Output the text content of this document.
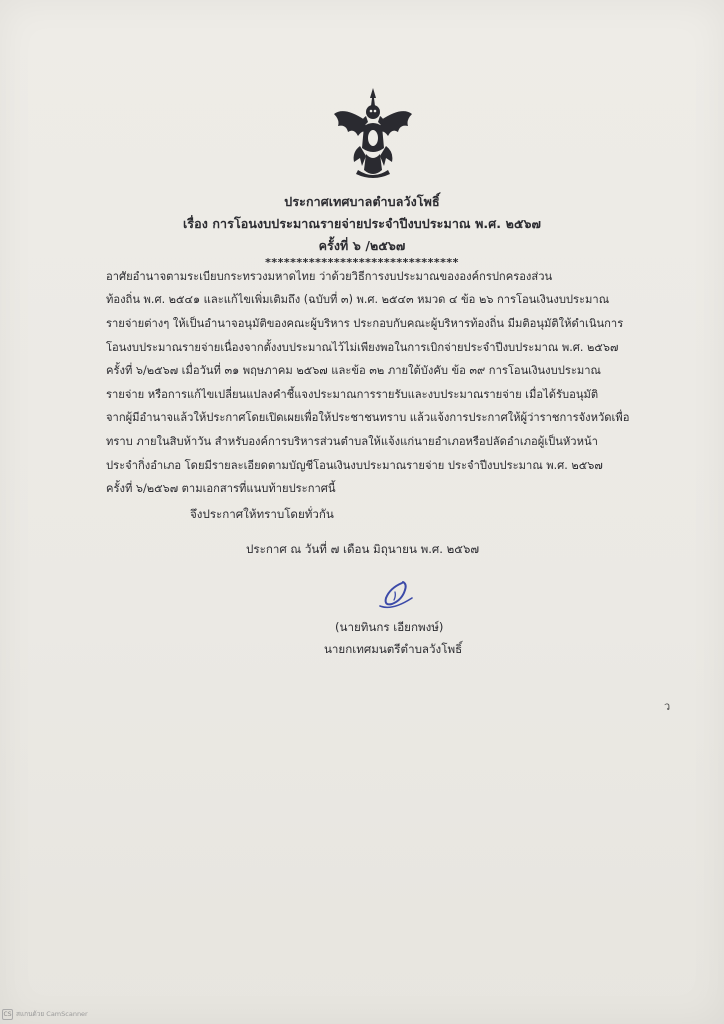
ประกาศเทศบาลตำบลวังโพธิ์
เรื่อง การโอนงบประมาณรายจ่ายประจำปีงบประมาณ พ.ศ. ๒๕๖๗
ครั้งที่ ๖ /๒๕๖๗
*******************************
อาศัยอำนาจตามระเบียบกระทรวงมหาดไทย ว่าด้วยวิธีการงบประมาณขององค์กรปกครองส่วน
ท้องถิ่น พ.ศ. ๒๕๔๑ และแก้ไขเพิ่มเติมถึง (ฉบับที่ ๓) พ.ศ. ๒๕๔๓ หมวด ๔ ข้อ ๒๖ การโอนเงินงบประมาณ
รายจ่ายต่างๆ ให้เป็นอำนาจอนุมัติของคณะผู้บริหาร ประกอบกับคณะผู้บริหารท้องถิ่น มีมติอนุมัติให้ดำเนินการ
โอนงบประมาณรายจ่ายเนื่องจากตั้งงบประมาณไว้ไม่เพียงพอในการเบิกจ่ายประจำปีงบประมาณ พ.ศ. ๒๕๖๗
ครั้งที่ ๖/๒๕๖๗ เมื่อวันที่ ๓๑ พฤษภาคม ๒๕๖๗ และข้อ ๓๒ ภายใต้บังคับ ข้อ ๓๙ การโอนเงินงบประมาณ
รายจ่าย หรือการแก้ไขเปลี่ยนแปลงคำชี้แจงประมาณการรายรับและงบประมาณรายจ่าย เมื่อได้รับอนุมัติ
จากผู้มีอำนาจแล้วให้ประกาศโดยเปิดเผยเพื่อให้ประชาชนทราบ แล้วแจ้งการประกาศให้ผู้ว่าราชการจังหวัดเพื่อ
ทราบ ภายในสิบห้าวัน สำหรับองค์การบริหารส่วนตำบลให้แจ้งแก่นายอำเภอหรือปลัดอำเภอผู้เป็นหัวหน้า
ประจำกิ่งอำเภอ โดยมีรายละเอียดตามบัญชีโอนเงินงบประมาณรายจ่าย ประจำปีงบประมาณ พ.ศ. ๒๕๖๗
ครั้งที่ ๖/๒๕๖๗ ตามเอกสารที่แนบท้ายประกาศนี้
จึงประกาศให้ทราบโดยทั่วกัน
ประกาศ ณ วันที่ ๗ เดือน มิถุนายน พ.ศ. ๒๕๖๗
(นายทินกร เอียกพงษ์)
นายกเทศมนตรีตำบลวังโพธิ์
ว
CS สแกนด้วย CamScanner
